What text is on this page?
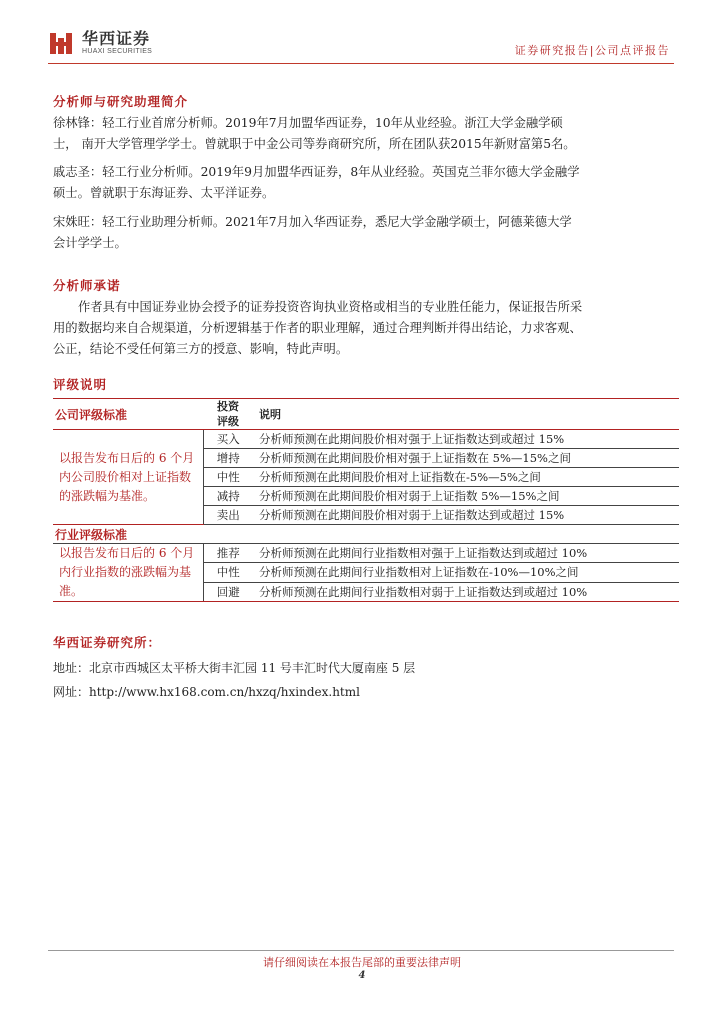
华西证券
HUAXI SECURITIES	证券研究报告|公司点评报告
分析师与研究助理简介
徐林锋：轻工行业首席分析师。2019年7月加盟华西证券，10年从业经验。浙江大学金融学硕
士， 南开大学管理学学士。曾就职于中金公司等券商研究所，所在团队获2015年新财富第5名。
戚志圣：轻工行业分析师。2019年9月加盟华西证券，8年从业经验。英国克兰菲尔德大学金融学
硕士。曾就职于东海证券、太平洋证券。
宋姝旺：轻工行业助理分析师。2021年7月加入华西证券，悉尼大学金融学硕士，阿德莱德大学
会计学学士。
分析师承诺
作者具有中国证券业协会授予的证券投资咨询执业资格或相当的专业胜任能力，保证报告所采
用的数据均来自合规渠道，分析逻辑基于作者的职业理解，通过合理判断并得出结论，力求客观、
公正，结论不受任何第三方的授意、影响，特此声明。
评级说明
公司评级标准	投资评级	说明
以报告发布日后的 6 个月内公司股价相对上证指数的涨跌幅为基准。	买入	分析师预测在此期间股价相对强于上证指数达到或超过 15%
	增持	分析师预测在此期间股价相对强于上证指数在 5%—15%之间
	中性	分析师预测在此期间股价相对上证指数在-5%—5%之间
	减持	分析师预测在此期间股价相对弱于上证指数 5%—15%之间
	卖出	分析师预测在此期间股价相对弱于上证指数达到或超过 15%
行业评级标准		
以报告发布日后的 6 个月内行业指数的涨跌幅为基准。	推荐	分析师预测在此期间行业指数相对强于上证指数达到或超过 10%
	中性	分析师预测在此期间行业指数相对上证指数在-10%—10%之间
	回避	分析师预测在此期间行业指数相对弱于上证指数达到或超过 10%
华西证券研究所：
地址：北京市西城区太平桥大街丰汇园 11 号丰汇时代大厦南座 5 层
网址：http://www.hx168.com.cn/hxzq/hxindex.html
请仔细阅读在本报告尾部的重要法律声明
4
